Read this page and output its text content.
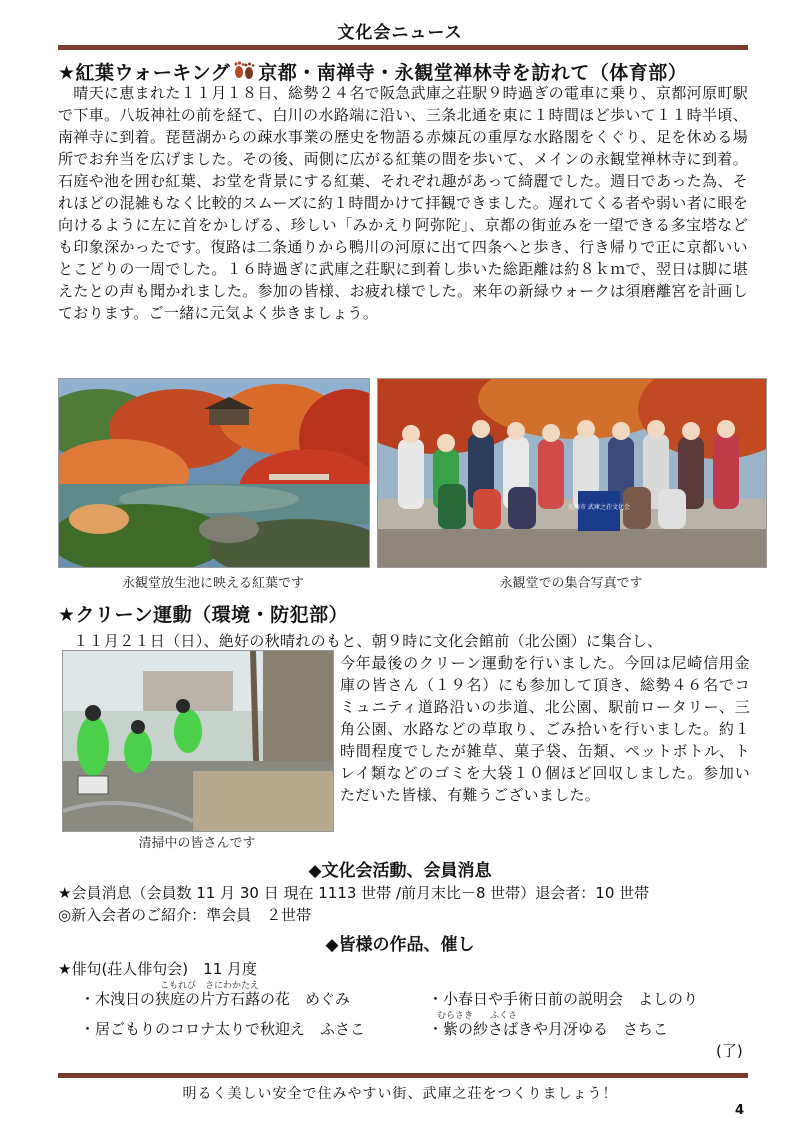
文化会ニュース
★紅葉ウォーキング 京都・南禅寺・永観堂禅林寺を訪れて（体育部）
　晴天に恵まれた１１月１８日、総勢２４名で阪急武庫之荘駅９時過ぎの電車に乗り、京都河原町駅で下車。八坂神社の前を経て、白川の水路端に沿い、三条北通を東に１時間ほど歩いて１１時半頃、南禅寺に到着。琵琶湖からの疎水事業の歴史を物語る赤煉瓦の重厚な水路閣をくぐり、足を休める場所でお弁当を広げました。その後、両側に広がる紅葉の間を歩いて、メインの永観堂禅林寺に到着。石庭や池を囲む紅葉、お堂を背景にする紅葉、それぞれ趣があって綺麗でした。週日であった為、それほどの混雑もなく比較的スムーズに約１時間かけて拝観できました。遅れてくる者や弱い者に眼を向けるように左に首をかしげる、珍しい「みかえり阿弥陀」、京都の街並みを一望できる多宝塔なども印象深かったです。復路は二条通りから鴨川の河原に出て四条へと歩き、行き帰りで正に京都いいとこどりの一周でした。１６時過ぎに武庫之荘駅に到着し歩いた総距離は約８ｋｍで、翌日は脚に堪えたとの声も聞かれました。参加の皆様、お疲れ様でした。来年の新緑ウォークは須磨離宮を計画しております。ご一緒に元気よく歩きましょう。
永観堂放生池に映える紅葉です
尼崎市 武庫之荘文化会
永観堂での集合写真です
★クリーン運動（環境・防犯部）
　１１月２１日（日）、絶好の秋晴れのもと、朝９時に文化会館前（北公園）に集合し、
今年最後のクリーン運動を行いました。今回は尼崎信用金庫の皆さん（１９名）にも参加して頂き、総勢４６名でコミュニティ道路沿いの歩道、北公園、駅前ロータリー、三角公園、水路などの草取り、ごみ拾いを行いました。約１時間程度でしたが雑草、菓子袋、缶類、ペットボトル、トレイ類などのゴミを大袋１０個ほど回収しました。参加いただいた皆様、有難うございました。
清掃中の皆さんです
◆文化会活動、会員消息
★会員消息（会員数 11 月 30 日 現在 1113 世帯 /前月末比－8 世帯）退会者：10 世帯
◎新入会者のご紹介：準会員　２世帯
◆皆様の作品、催し
★俳句(荘人俳句会)　11 月度
こもれび さにわ かたえ
・木洩日の狭庭の片方石蕗の花　めぐみ	・小春日や手術日前の説明会　よしのり
むらさき ふくさ
・居ごもりのコロナ太りで秋迎え　ふさこ	・紫の紗さばきや月冴ゆる　さちこ
(了)
明るく美しい安全で住みやすい街、武庫之荘をつくりましょう！
4
